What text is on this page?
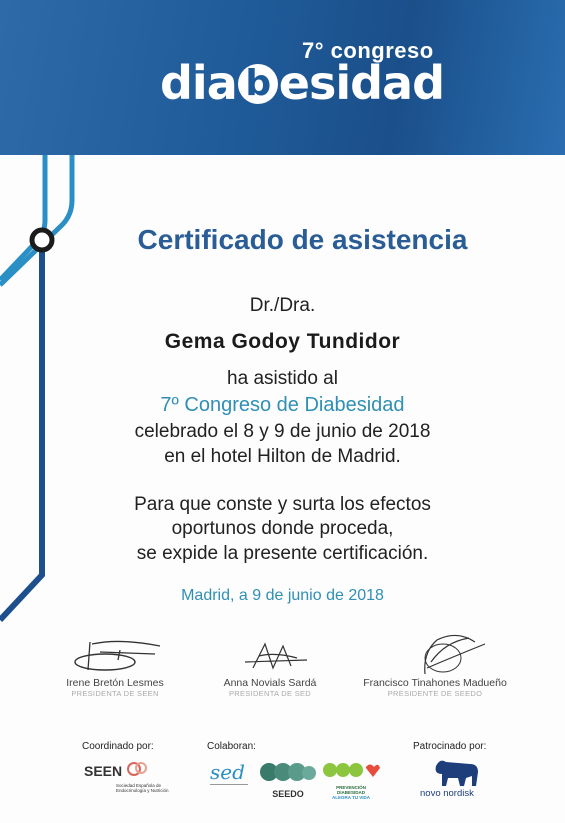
7° congreso
dia b esidad
Certificado de asistencia
Dr./Dra.
Gema Godoy Tundidor
ha asistido al
7º Congreso de Diabesidad
celebrado el 8 y 9 de junio de 2018
en el hotel Hilton de Madrid.
Para que conste y surta los efectos
oportunos donde proceda,
se expide la presente certificación.
Madrid, a 9 de junio de 2018
Irene Bretón Lesmes
PRESIDENTA DE SEEN
Anna Novials Sardá
PRESIDENTA DE SED
Francisco Tinahones Madueño
PRESIDENTE DE SEEDO
Coordinado por:	Colaboran:	Patrocinado por:
SEEN
Sociedad Española de
Endocrinología y Nutrición
sed
SEEDO
PREVENCIÓN DIABESIDAD
ALEGRA TU VIDA	novo nordisk
